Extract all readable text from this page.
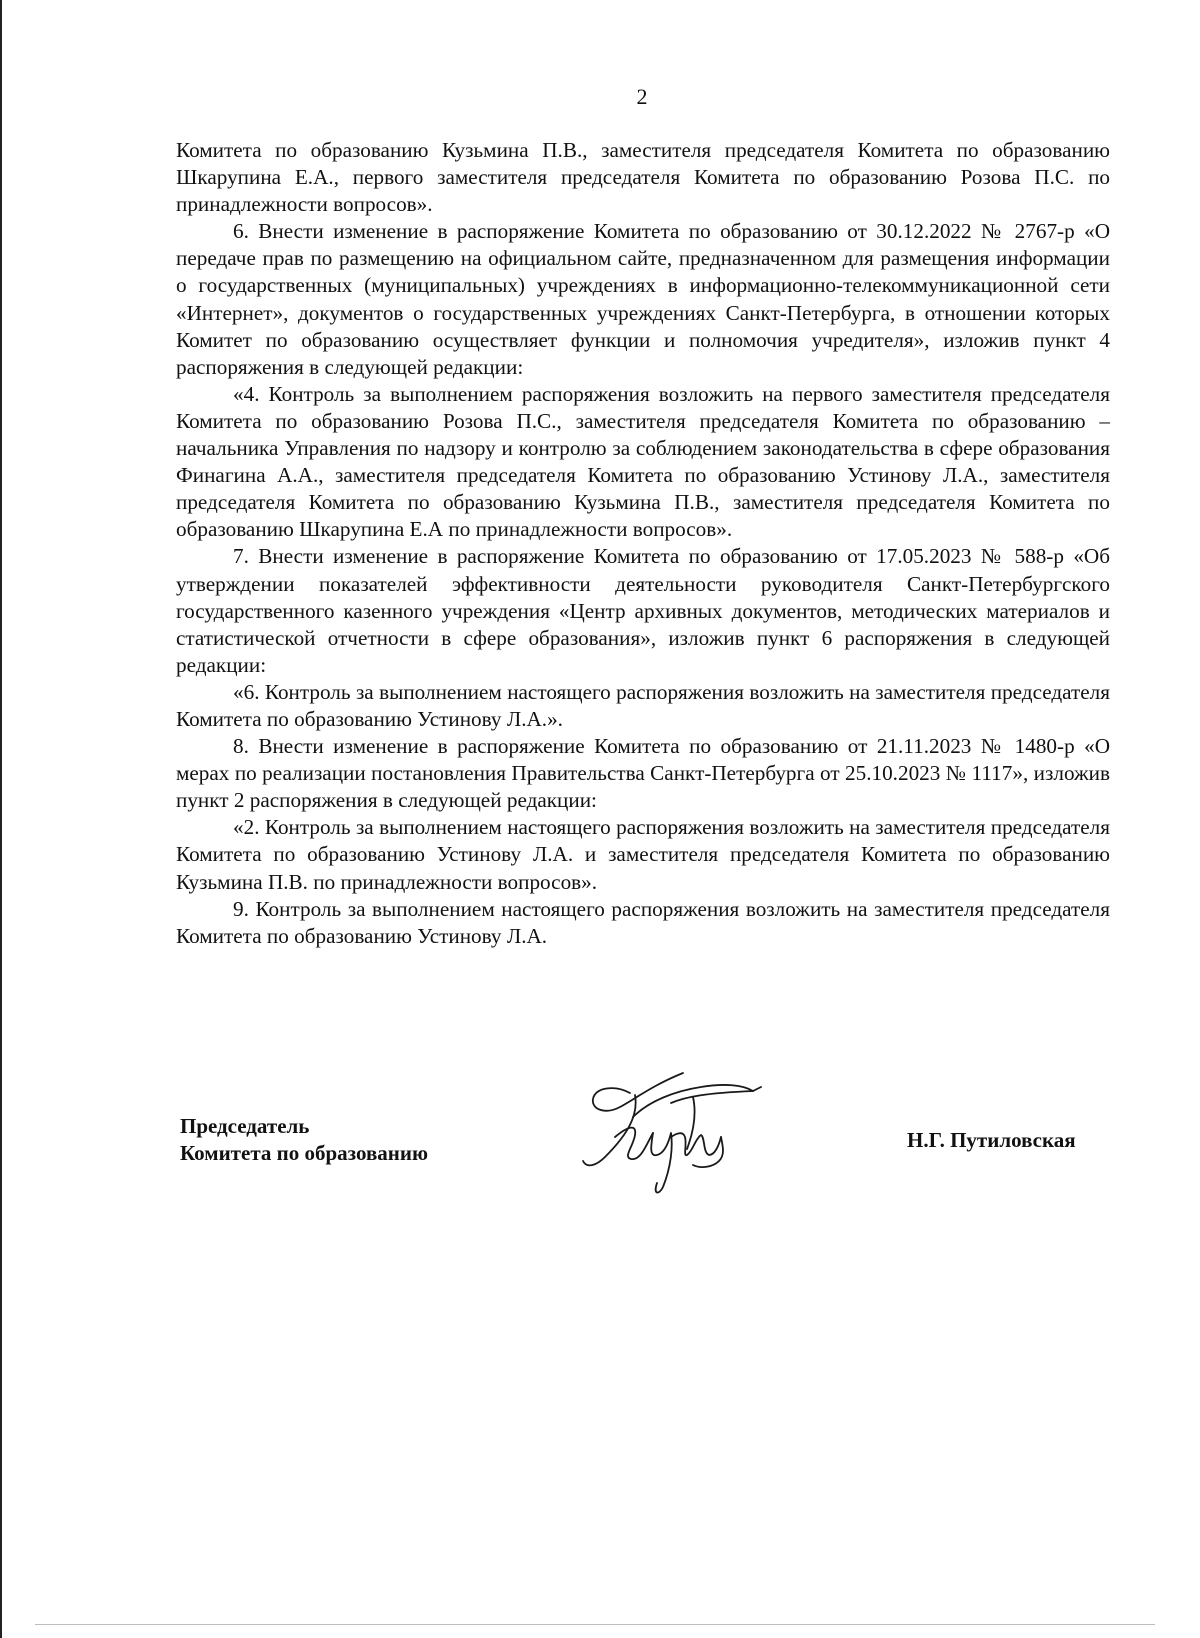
2

Комитета по образованию Кузьмина П.В., заместителя председателя Комитета по образованию Шкарупина Е.А., первого заместителя председателя Комитета по образованию Розова П.С. по принадлежности вопросов».

6. Внести изменение в распоряжение Комитета по образованию от 30.12.2022 № 2767-р «О передаче прав по размещению на официальном сайте, предназначенном для размещения информации о государственных (муниципальных) учреждениях в информационно-телекоммуникационной сети «Интернет», документов о государственных учреждениях Санкт-Петербурга, в отношении которых Комитет по образованию осуществляет функции и полномочия учредителя», изложив пункт 4 распоряжения в следующей редакции:

«4. Контроль за выполнением распоряжения возложить на первого заместителя председателя Комитета по образованию Розова П.С., заместителя председателя Комитета по образованию – начальника Управления по надзору и контролю за соблюдением законодательства в сфере образования Финагина А.А., заместителя председателя Комитета по образованию Устинову Л.А., заместителя председателя Комитета по образованию Кузьмина П.В., заместителя председателя Комитета по образованию Шкарупина Е.А по принадлежности вопросов».

7. Внести изменение в распоряжение Комитета по образованию от 17.05.2023 № 588-р «Об утверждении показателей эффективности деятельности руководителя Санкт-Петербургского государственного казенного учреждения «Центр архивных документов, методических материалов и статистической отчетности в сфере образования», изложив пункт 6 распоряжения в следующей редакции:

«6. Контроль за выполнением настоящего распоряжения возложить на заместителя председателя Комитета по образованию Устинову Л.А.».

8. Внести изменение в распоряжение Комитета по образованию от 21.11.2023 № 1480-р «О мерах по реализации постановления Правительства Санкт-Петербурга от 25.10.2023 № 1117», изложив пункт 2 распоряжения в следующей редакции:

«2. Контроль за выполнением настоящего распоряжения возложить на заместителя председателя Комитета по образованию Устинову Л.А. и заместителя председателя Комитета по образованию Кузьмина П.В. по принадлежности вопросов».

9. Контроль за выполнением настоящего распоряжения возложить на заместителя председателя Комитета по образованию Устинову Л.А.

Председатель
Комитета по образованию
Н.Г. Путиловская
